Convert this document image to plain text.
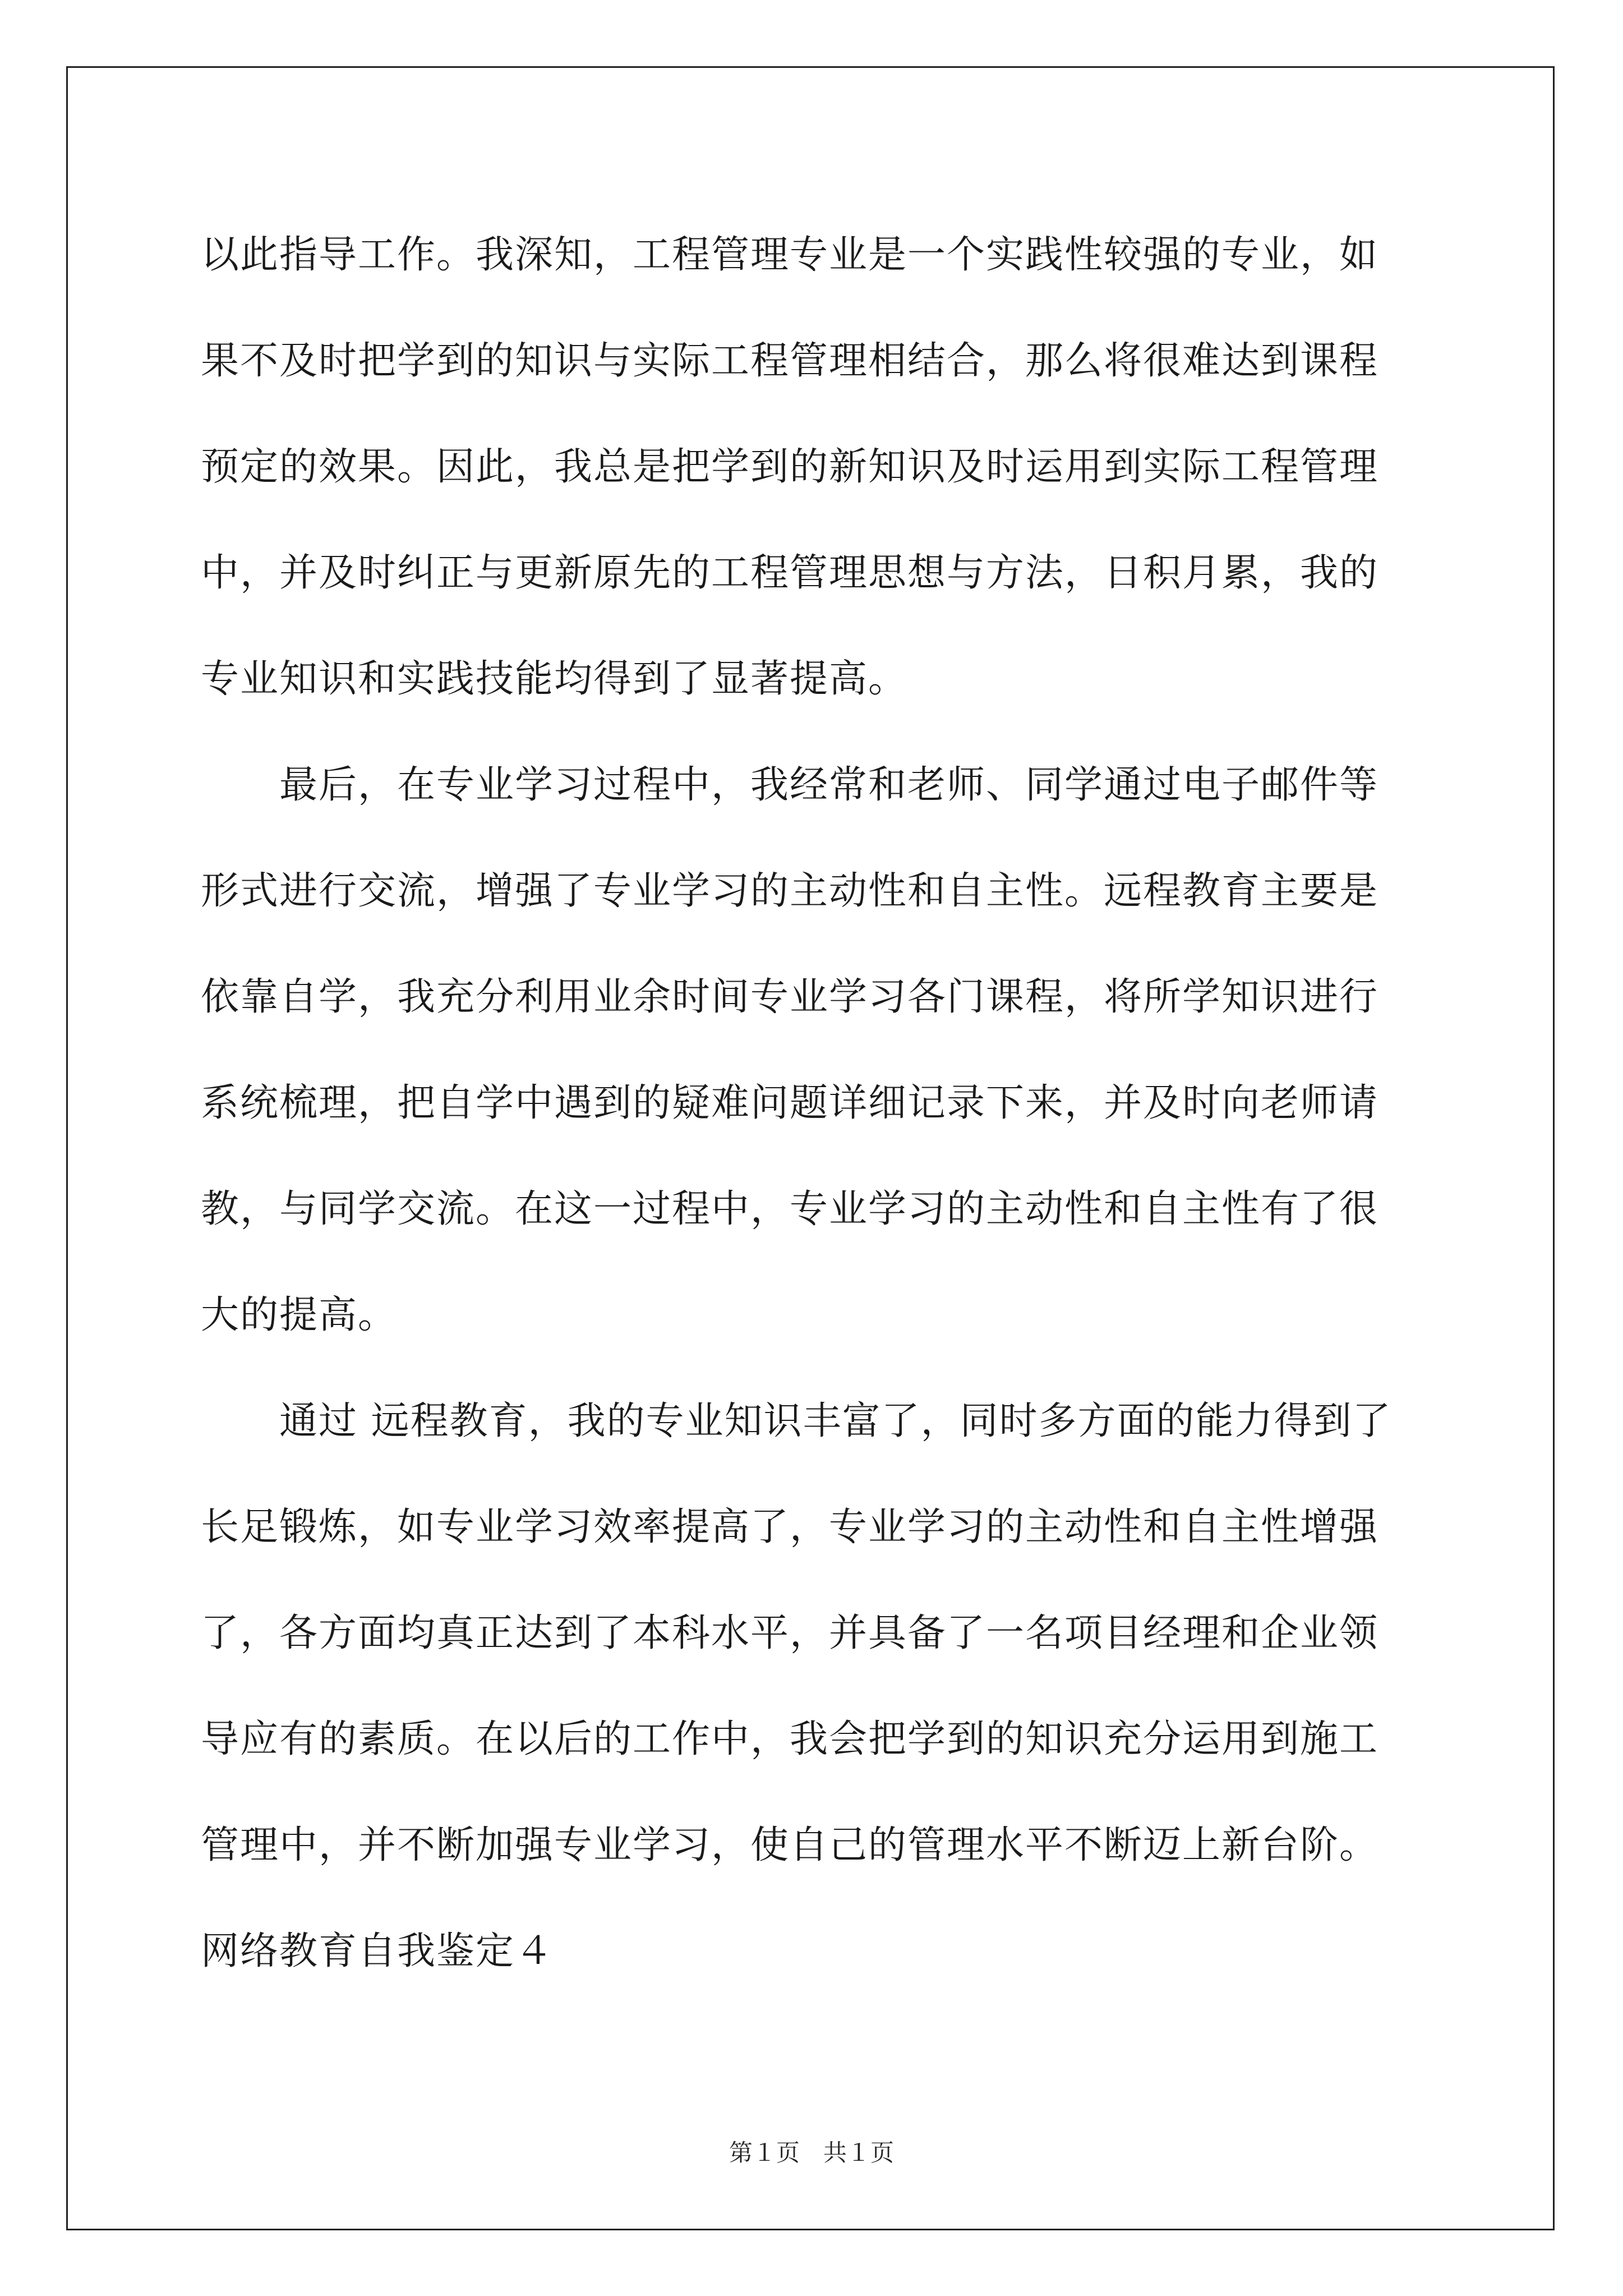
以此指导工作。我深知，工程管理专业是一个实践性较强的专业，如
果不及时把学到的知识与实际工程管理相结合，那么将很难达到课程
预定的效果。因此，我总是把学到的新知识及时运用到实际工程管理
中，并及时纠正与更新原先的工程管理思想与方法，日积月累，我的
专业知识和实践技能均得到了显著提高。
　　最后，在专业学习过程中，我经常和老师、同学通过电子邮件等
形式进行交流，增强了专业学习的主动性和自主性。远程教育主要是
依靠自学，我充分利用业余时间专业学习各门课程，将所学知识进行
系统梳理，把自学中遇到的疑难问题详细记录下来，并及时向老师请
教，与同学交流。在这一过程中，专业学习的主动性和自主性有了很
大的提高。
　　通过 远程教育，我的专业知识丰富了，同时多方面的能力得到了
长足锻炼，如专业学习效率提高了，专业学习的主动性和自主性增强
了，各方面均真正达到了本科水平，并具备了一名项目经理和企业领
导应有的素质。在以后的工作中，我会把学到的知识充分运用到施工
管理中，并不断加强专业学习，使自己的管理水平不断迈上新台阶。
网络教育自我鉴定４
第１页　共１页
